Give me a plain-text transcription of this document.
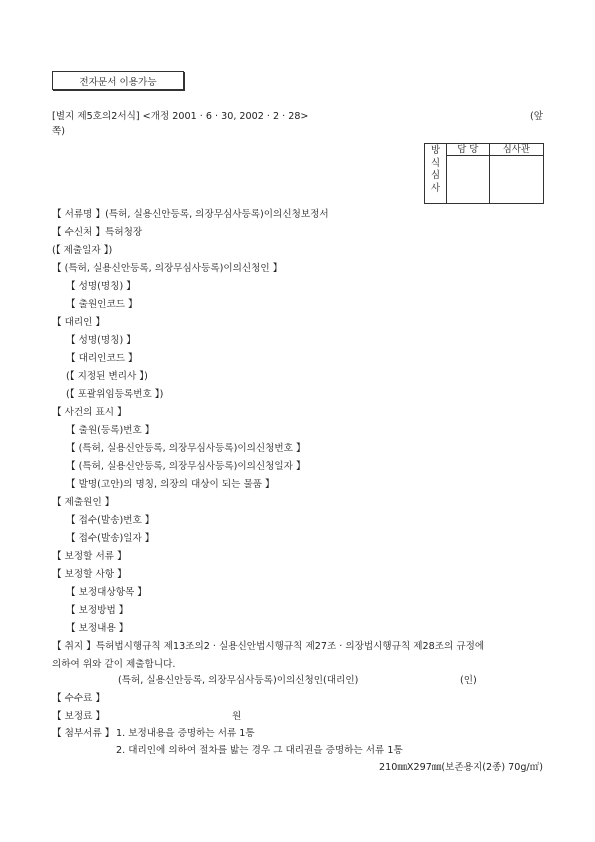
전자문서 이용가능
[별지 제5호의2서식] <개정 2001 · 6 · 30, 2002 · 2 · 28>	(앞
쪽)
방
식
심
사	담 당	심사관

【 서류명 】(특허, 실용신안등록, 의장무심사등록)이의신청보정서
【 수신처 】특허청장
(【 제출일자 】)
【 (특허, 실용신안등록, 의장무심사등록)이의신청인 】
【 성명(명칭) 】
【 출원인코드 】
【 대리인 】
【 성명(명칭) 】
【 대리인코드 】
(【 지정된 변리사 】)
(【 포괄위임등록번호 】)
【 사건의 표시 】
【 출원(등록)번호 】
【 (특허, 실용신안등록, 의장무심사등록)이의신청번호 】
【 (특허, 실용신안등록, 의장무심사등록)이의신청일자 】
【 발명(고안)의 명칭, 의장의 대상이 되는 물품 】
【 제출원인 】
【 접수(발송)번호 】
【 접수(발송)일자 】
【 보정할 서류 】
【 보정할 사항 】
【 보정대상항목 】
【 보정방법 】
【 보정내용 】
【 취지 】특허법시행규칙 제13조의2 · 실용신안법시행규칙 제27조 · 의장법시행규칙 제28조의 규정에
의하여 위와 같이 제출합니다.
(특허, 실용신안등록, 의장무심사등록)이의신청인(대리인)	(인)
【 수수료 】
【 보정료 】	원
【 첨부서류 】 1. 보정내용을 증명하는 서류 1통
2. 대리인에 의하여 절차를 밟는 경우 그 대리권을 증명하는 서류 1통
210㎜X297㎜(보존용지(2종) 70g/㎡)
